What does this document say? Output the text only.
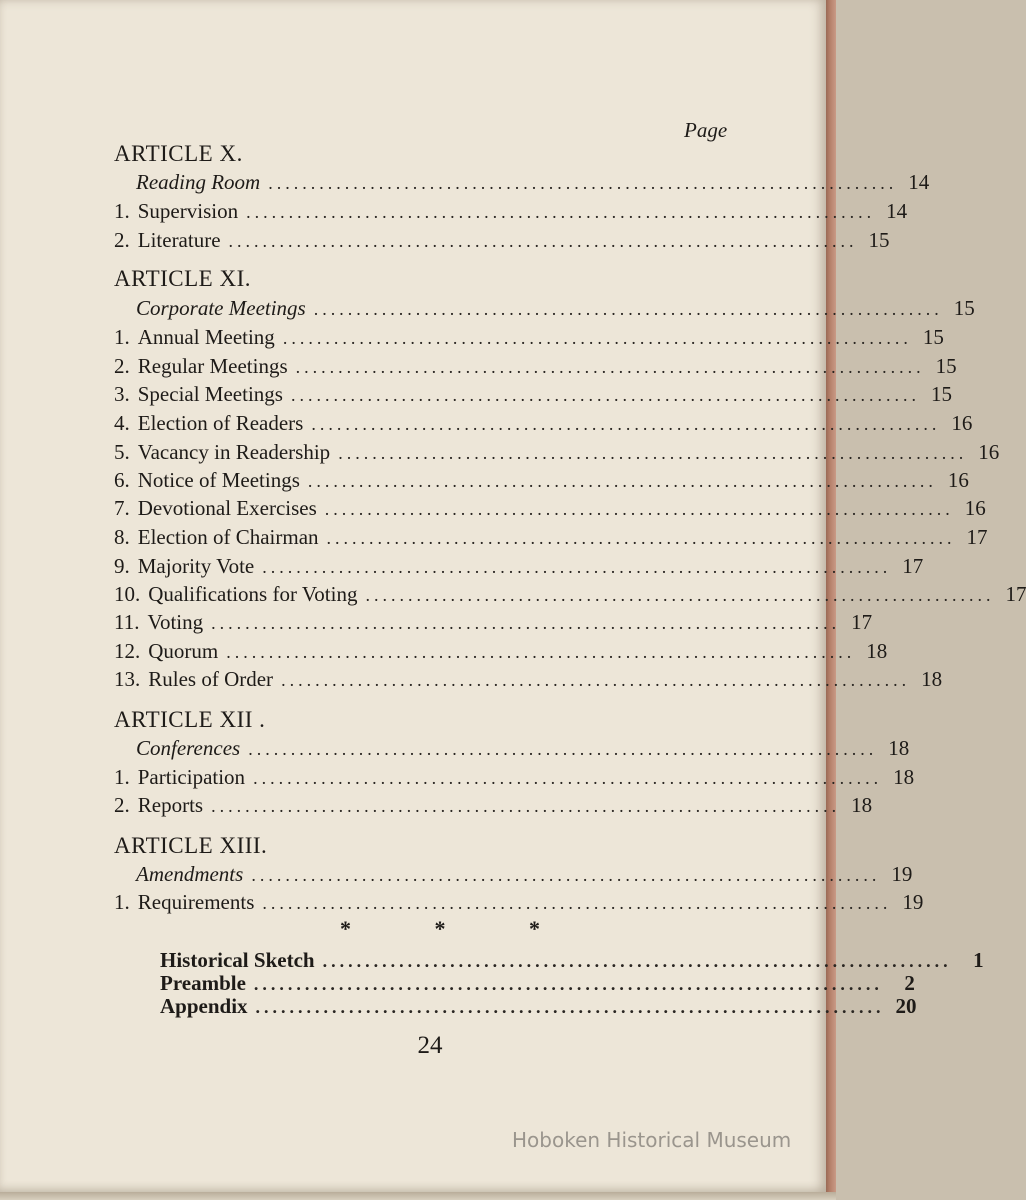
Page
ARTICLE X.
Reading Room .......................................................................... 14
1. Supervision .......................................................................... 14
2. Literature .......................................................................... 15
ARTICLE XI.
Corporate Meetings .......................................................................... 15
1. Annual Meeting .......................................................................... 15
2. Regular Meetings .......................................................................... 15
3. Special Meetings .......................................................................... 15
4. Election of Readers .......................................................................... 16
5. Vacancy in Readership .......................................................................... 16
6. Notice of Meetings .......................................................................... 16
7. Devotional Exercises .......................................................................... 16
8. Election of Chairman .......................................................................... 17
9. Majority Vote .......................................................................... 17
10. Qualifications for Voting .......................................................................... 17
11. Voting .......................................................................... 17
12. Quorum .......................................................................... 18
13. Rules of Order .......................................................................... 18
ARTICLE XII .
Conferences .......................................................................... 18
1. Participation .......................................................................... 18
2. Reports .......................................................................... 18
ARTICLE XIII.
Amendments .......................................................................... 19
1. Requirements .......................................................................... 19
*	*	*
Historical Sketch ..........................................................................	1
Preamble ..........................................................................	2
Appendix .......................................................................... 20
24
Hoboken Historical Museum
